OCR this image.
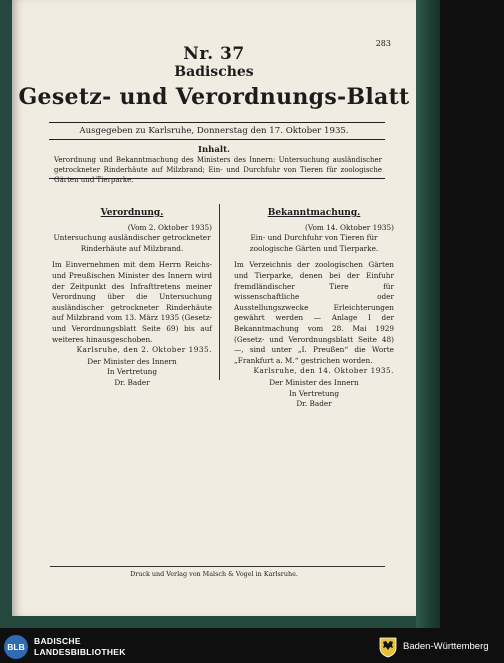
283
Nr. 37
Badisches
Gesetz- und Verordnungs-Blatt
Ausgegeben zu Karlsruhe, Donnerstag den 17. Oktober 1935.
Inhalt.
Verordnung und Bekanntmachung des Ministers des Innern: Untersuchung ausländischer getrockneter Rinderhäute auf Milzbrand; Ein- und Durchfuhr von Tieren für zoologische Gärten und Tierparke.
Verordnung.

(Vom 2. Oktober 1935)

Untersuchung ausländischer getrockneter Rinderhäute auf Milzbrand.

Im Einvernehmen mit dem Herrn Reichs- und Preußischen Minister des Innern wird der Zeitpunkt des Infrafttretens meiner Verordnung über die Untersuchung ausländischer getrockneter Rinderhäute auf Milzbrand vom 13. März 1935 (Gesetz- und Verordnungsblatt Seite 69) bis auf weiteres hinausgeschoben.

Karlsruhe, den 2. Oktober 1935.

Der Minister des Innern

In Vertretung

Dr. Bader

Bekanntmachung.

(Vom 14. Oktober 1935)

Ein- und Durchfuhr von Tieren für zoologische Gärten und Tierparke.

Im Verzeichnis der zoologischen Gärten und Tierparke, denen bei der Einfuhr fremdländischer Tiere für wissenschaftliche oder Ausstellungszwecke Erleichterungen gewährt werden — Anlage I der Bekanntmachung vom 28. Mai 1929 (Gesetz- und Verordnungsblatt Seite 48) —, sind unter „I. Preußen“ die Worte „Frankfurt a. M.“ gestrichen worden.

Karlsruhe, den 14. Oktober 1935.

Der Minister des Innern

In Vertretung

Dr. Bader

Druck und Verlag von Malsch & Vogel in Karlsruhe.
BLB
BADISCHE
LANDESBIBLIOTHEK	Baden-Württemberg
